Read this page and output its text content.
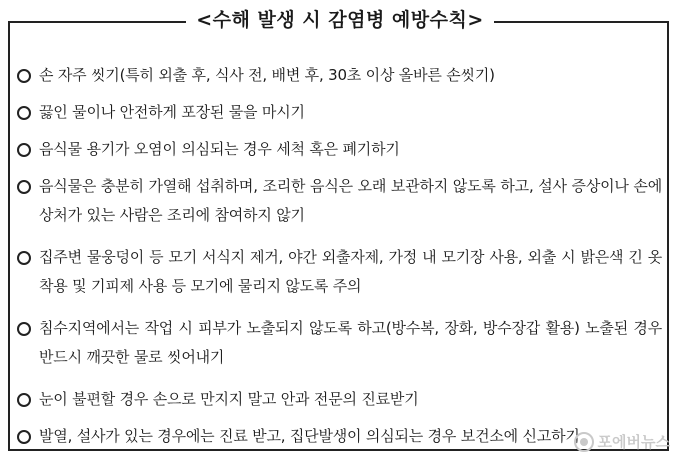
<수해 발생 시 감염병 예방수칙>
손 자주 씻기(특히 외출 후, 식사 전, 배변 후, 30초 이상 올바른 손씻기)
끓인 물이나 안전하게 포장된 물을 마시기
음식물 용기가 오염이 의심되는 경우 세척 혹은 폐기하기
음식물은 충분히 가열해 섭취하며, 조리한 음식은 오래 보관하지 않도록 하고, 설사 증상이나 손에 상처가 있는 사람은 조리에 참여하지 않기
집주변 물웅덩이 등 모기 서식지 제거, 야간 외출자제, 가정 내 모기장 사용, 외출 시 밝은색 긴 옷 착용 및 기피제 사용 등 모기에 물리지 않도록 주의
침수지역에서는 작업 시 피부가 노출되지 않도록 하고(방수복, 장화, 방수장갑 활용) 노출된 경우 반드시 깨끗한 물로 씻어내기
눈이 불편할 경우 손으로 만지지 말고 안과 전문의 진료받기
발열, 설사가 있는 경우에는 진료 받고, 집단발생이 의심되는 경우 보건소에 신고하기	포에버뉴스
